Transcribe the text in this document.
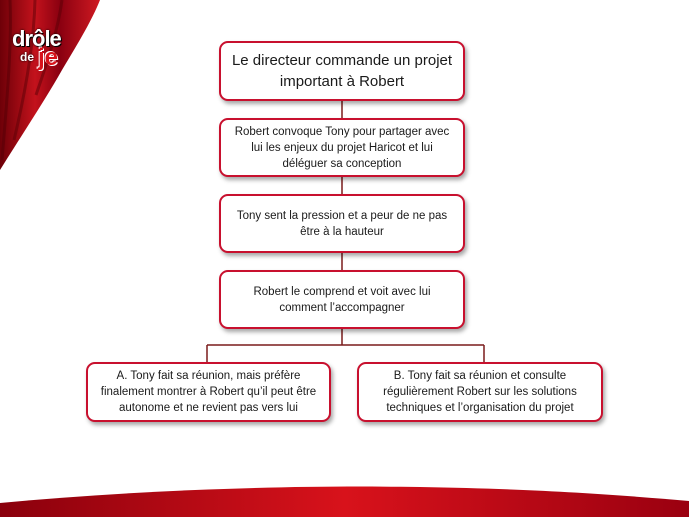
drôle
de je	Le directeur commande un projet important à Robert
Robert convoque Tony pour partager avec lui les enjeux du projet Haricot et lui déléguer sa conception
Tony sent la pression et a peur de ne pas être à la hauteur
Robert le comprend et voit avec lui comment l’accompagner
A. Tony fait sa réunion, mais préfère finalement montrer à Robert qu’il peut être autonome et ne revient pas vers lui
B. Tony fait sa réunion et consulte régulièrement Robert sur les solutions techniques et l’organisation du projet
